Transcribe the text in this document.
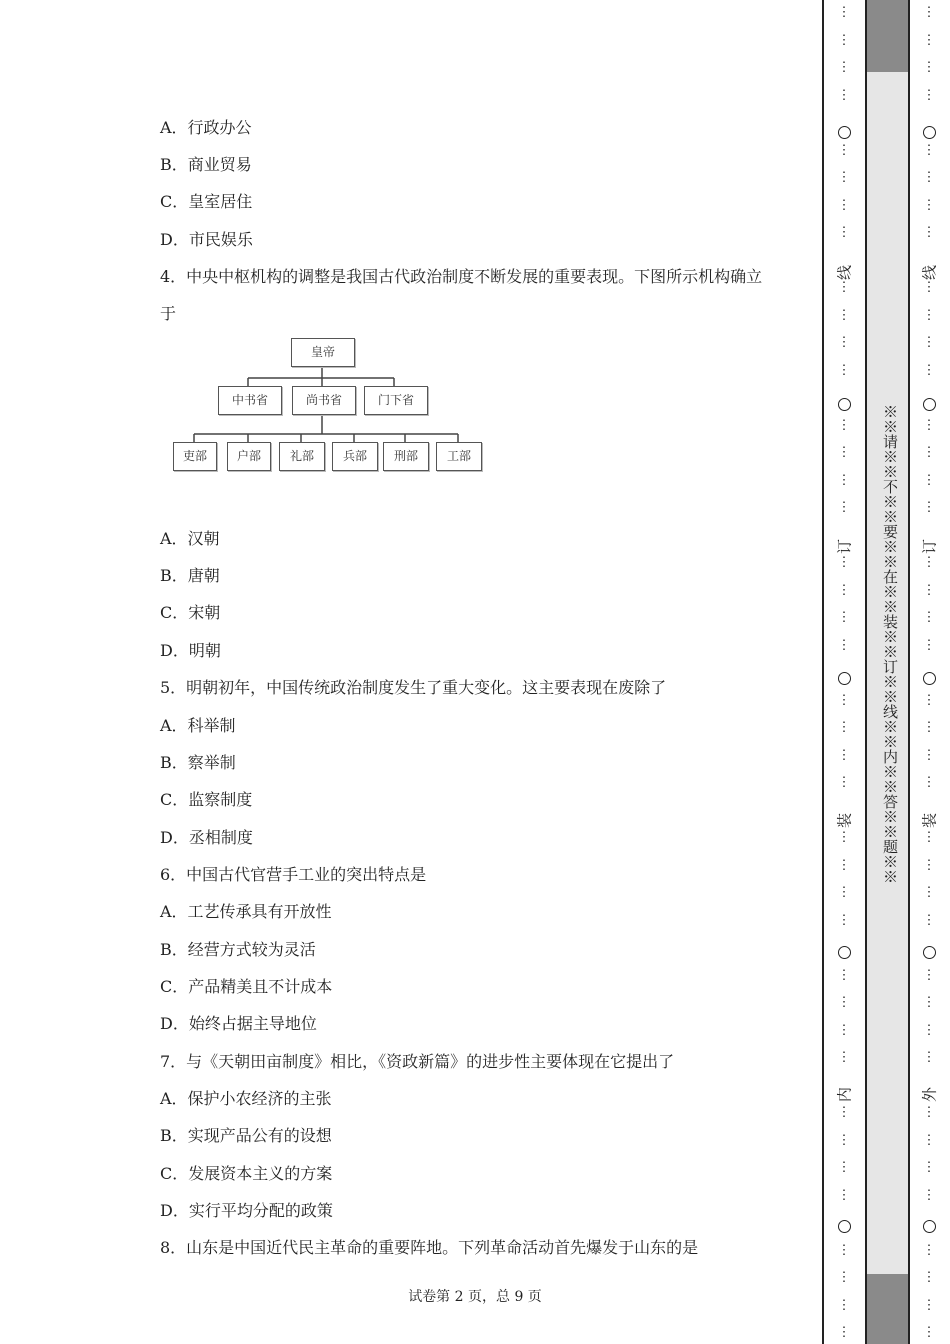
A．行政办公
B．商业贸易
C．皇室居住
D．市民娱乐
4．中央中枢机构的调整是我国古代政治制度不断发展的重要表现。下图所示机构确立
于
皇帝
中书省	尚书省	门下省
吏部	户部	礼部	兵部	刑部	工部
A．汉朝
B．唐朝
C．宋朝
D．明朝
5．明朝初年，中国传统政治制度发生了重大变化。这主要表现在废除了
A．科举制
B．察举制
C．监察制度
D．丞相制度
6．中国古代官营手工业的突出特点是
A．工艺传承具有开放性
B．经营方式较为灵活
C．产品精美且不计成本
D．始终占据主导地位
7．与《天朝田亩制度》相比，《资政新篇》的进步性主要体现在它提出了
A．保护小农经济的主张
B．实现产品公有的设想
C．发展资本主义的方案
D．实行平均分配的政策
8．山东是中国近代民主革命的重要阵地。下列革命活动首先爆发于山东的是
试卷第 2 页，总 9 页
※※请※※不※※要※※在※※装※※订※※线※※内※※答※※题※※
⋮
⋮
⋮
⋮
⋮
⋮
⋮
⋮
⋮
⋮
⋮
⋮
⋮
⋮
⋮
⋮
⋮
⋮
⋮
⋮
⋮
⋮
⋮
⋮
⋮
⋮
⋮
⋮
⋮
⋮
⋮
⋮
⋮
⋮
⋮
⋮
⋮
⋮
⋮
⋮
线
订
装
内
⋮
⋮
⋮
⋮
⋮
⋮
⋮
⋮
⋮
⋮
⋮
⋮
⋮
⋮
⋮
⋮
⋮
⋮
⋮
⋮
⋮
⋮
⋮
⋮
⋮
⋮
⋮
⋮
⋮
⋮
⋮
⋮
⋮
⋮
⋮
⋮
⋮
⋮
⋮
⋮
线
订
装
外
